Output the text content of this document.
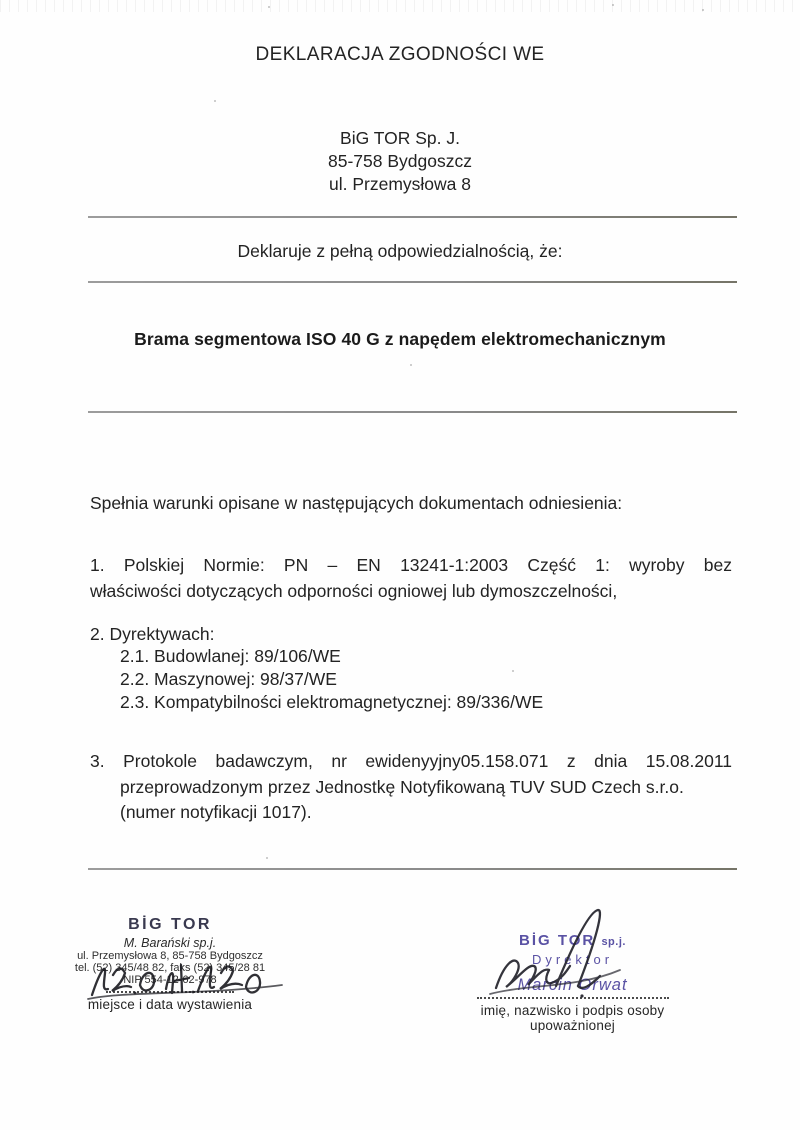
DEKLARACJA ZGODNOŚCI WE
BiG TOR Sp. J.
85-758 Bydgoszcz
ul. Przemysłowa 8
Deklaruje z pełną odpowiedzialnością, że:
Brama segmentowa ISO 40 G z napędem elektromechanicznym
Spełnia warunki opisane w następujących dokumentach odniesienia:
1. Polskiej Normie: PN – EN 13241-1:2003 Część 1: wyroby bez
właściwości dotyczących odporności ogniowej lub dymoszczelności,
2. Dyrektywach:
2.1. Budowlanej: 89/106/WE
2.2. Maszynowej: 98/37/WE
2.3. Kompatybilności elektromagnetycznej: 89/336/WE
3. Protokole badawczym, nr ewidenyyjny05.158.071 z dnia 15.08.2011
przeprowadzonym przez Jednostkę Notyfikowaną TUV SUD Czech s.r.o.
(numer notyfikacji 1017).
BİG TOR
M. Barański sp.j.
ul. Przemysłowa 8, 85-758 Bydgoszcz
tel. (52) 345/48 82, faks (52) 345/28 81
NIP 554-12-62-978
miejsce i data wystawienia
BİG TOR sp.j.
Dyrektor
Marcin Orwat
imię, nazwisko i podpis osoby upoważnionej
